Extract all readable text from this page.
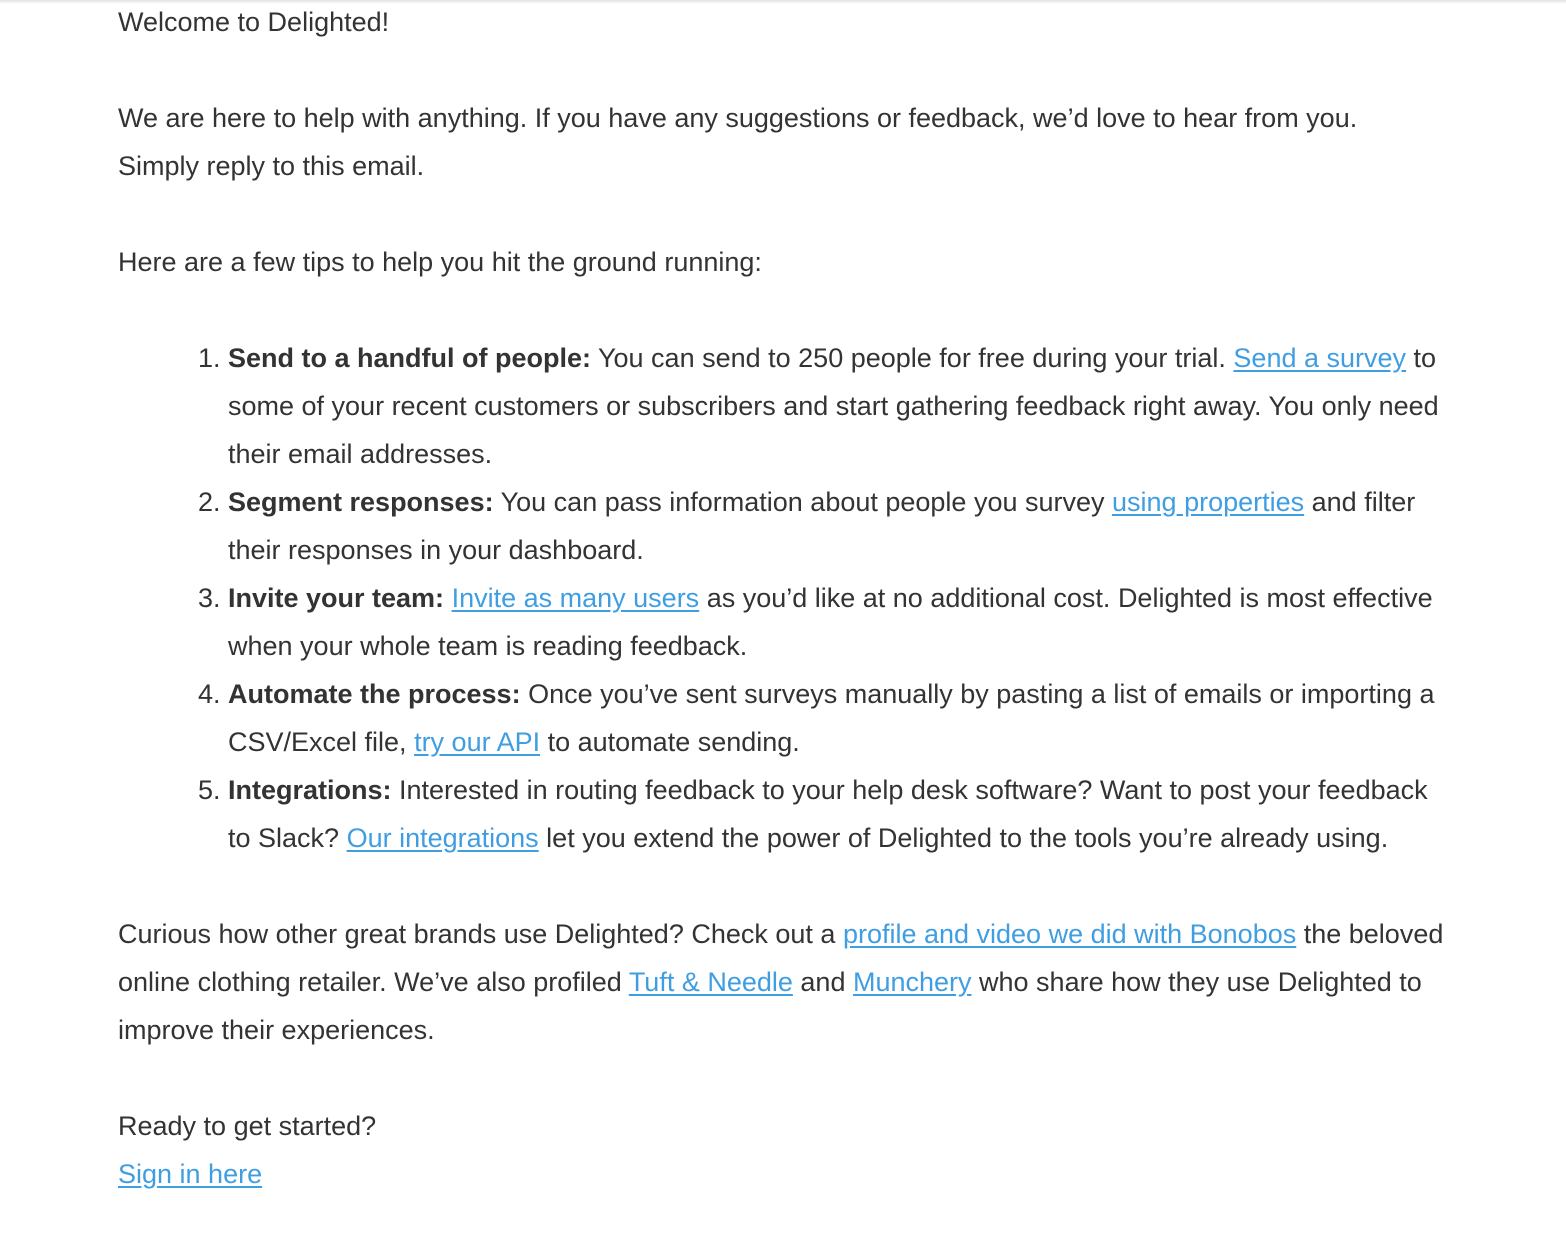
Welcome to Delighted!

We are here to help with anything. If you have any suggestions or feedback, we’d love to hear from you.
Simply reply to this email.

Here are a few tips to help you hit the ground running:

1. Send to a handful of people: You can send to 250 people for free during your trial. Send a survey to some of your recent customers or subscribers and start gathering feedback right away. You only need their email addresses.
2. Segment responses: You can pass information about people you survey using properties and filter their responses in your dashboard.
3. Invite your team: Invite as many users as you’d like at no additional cost. Delighted is most effective when your whole team is reading feedback.
4. Automate the process: Once you’ve sent surveys manually by pasting a list of emails or importing a CSV/Excel file, try our API to automate sending.
5. Integrations: Interested in routing feedback to your help desk software? Want to post your feedback to Slack? Our integrations let you extend the power of Delighted to the tools you’re already using.

Curious how other great brands use Delighted? Check out a profile and video we did with Bonobos the beloved online clothing retailer. We’ve also profiled Tuft & Needle and Munchery who share how they use Delighted to improve their experiences.

Ready to get started?

Sign in here
